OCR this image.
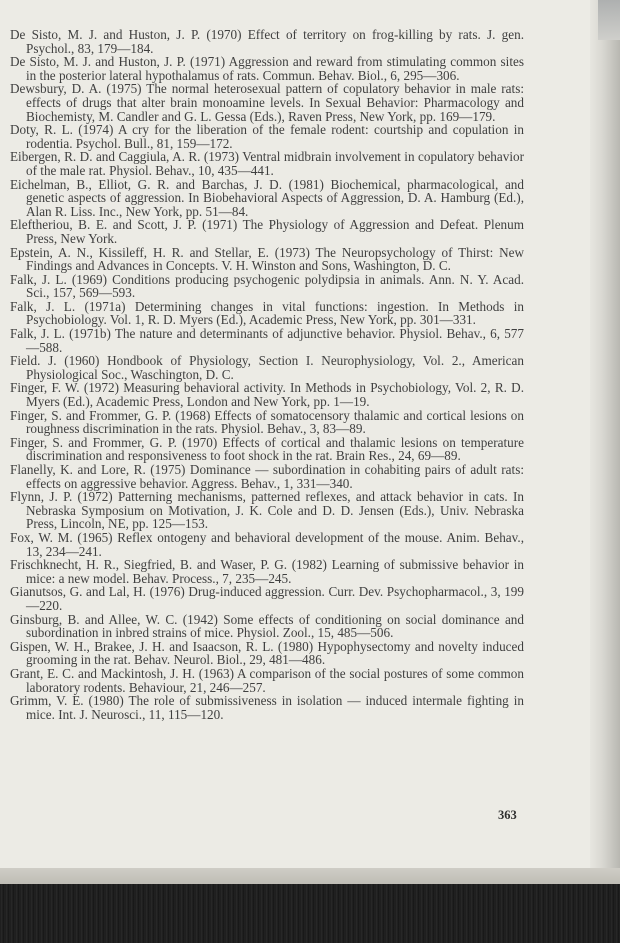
De Sisto, M. J. and Huston, J. P. (1970) Effect of territory on frog-killing by rats. J. gen. Psychol., 83, 179—184.

De Sisto, M. J. and Huston, J. P. (1971) Aggression and reward from stimulating common sites in the posterior lateral hypothalamus of rats. Commun. Behav. Biol., 6, 295—306.

Dewsbury, D. A. (1975) The normal heterosexual pattern of copulatory behavior in male rats: effects of drugs that alter brain monoamine levels. In Sexual Behavior: Pharmacology and Biochemisty, M. Candler and G. L. Gessa (Eds.), Raven Press, New York, pp. 169—179.

Doty, R. L. (1974) A cry for the liberation of the female rodent: courtship and copulation in rodentia. Psychol. Bull., 81, 159—172.

Eibergen, R. D. and Caggiula, A. R. (1973) Ventral midbrain involvement in copulatory behavior of the male rat. Physiol. Behav., 10, 435—441.

Eichelman, B., Elliot, G. R. and Barchas, J. D. (1981) Biochemical, pharmacological, and genetic aspects of aggression. In Biobehavioral Aspects of Aggression, D. A. Hamburg (Ed.), Alan R. Liss. Inc., New York, pp. 51—84.

Eleftheriou, B. E. and Scott, J. P. (1971) The Physiology of Aggression and Defeat. Plenum Press, New York.

Epstein, A. N., Kissileff, H. R. and Stellar, E. (1973) The Neuropsychology of Thirst: New Findings and Advances in Concepts. V. H. Winston and Sons, Washington, D. C.

Falk, J. L. (1969) Conditions producing psychogenic polydipsia in animals. Ann. N. Y. Acad. Sci., 157, 569—593.

Falk, J. L. (1971a) Determining changes in vital functions: ingestion. In Methods in Psychobiology. Vol. 1, R. D. Myers (Ed.), Academic Press, New York, pp. 301—331.

Falk, J. L. (1971b) The nature and determinants of adjunctive behavior. Physiol. Behav., 6, 577—588.

Field. J. (1960) Hondbook of Physiology, Section I. Neurophysiology, Vol. 2., American Physiological Soc., Waschington, D. C.

Finger, F. W. (1972) Measuring behavioral activity. In Methods in Psychobiology, Vol. 2, R. D. Myers (Ed.), Academic Press, London and New York, pp. 1—19.

Finger, S. and Frommer, G. P. (1968) Effects of somatocensory thalamic and cortical lesions on roughness discrimination in the rats. Physiol. Behav., 3, 83—89.

Finger, S. and Frommer, G. P. (1970) Effects of cortical and thalamic lesions on temperature discrimination and responsiveness to foot shock in the rat. Brain Res., 24, 69—89.

Flanelly, K. and Lore, R. (1975) Dominance — subordination in cohabiting pairs of adult rats: effects on aggressive behavior. Aggress. Behav., 1, 331—340.

Flynn, J. P. (1972) Patterning mechanisms, patterned reflexes, and attack behavior in cats. In Nebraska Symposium on Motivation, J. K. Cole and D. D. Jensen (Eds.), Univ. Nebraska Press, Lincoln, NE, pp. 125—153.

Fox, W. M. (1965) Reflex ontogeny and behavioral development of the mouse. Anim. Behav., 13, 234—241.

Frischknecht, H. R., Siegfried, B. and Waser, P. G. (1982) Learning of submissive behavior in mice: a new model. Behav. Process., 7, 235—245.

Gianutsos, G. and Lal, H. (1976) Drug-induced aggression. Curr. Dev. Psychopharmacol., 3, 199—220.

Ginsburg, B. and Allee, W. C. (1942) Some effects of conditioning on social dominance and subordination in inbred strains of mice. Physiol. Zool., 15, 485—506.

Gispen, W. H., Brakee, J. H. and Isaacson, R. L. (1980) Hypophysectomy and novelty induced grooming in the rat. Behav. Neurol. Biol., 29, 481—486.

Grant, E. C. and Mackintosh, J. H. (1963) A comparison of the social postures of some common laboratory rodents. Behaviour, 21, 246—257.

Grimm, V. E. (1980) The role of submissiveness in isolation — induced intermale fighting in mice. Int. J. Neurosci., 11, 115—120.

363
